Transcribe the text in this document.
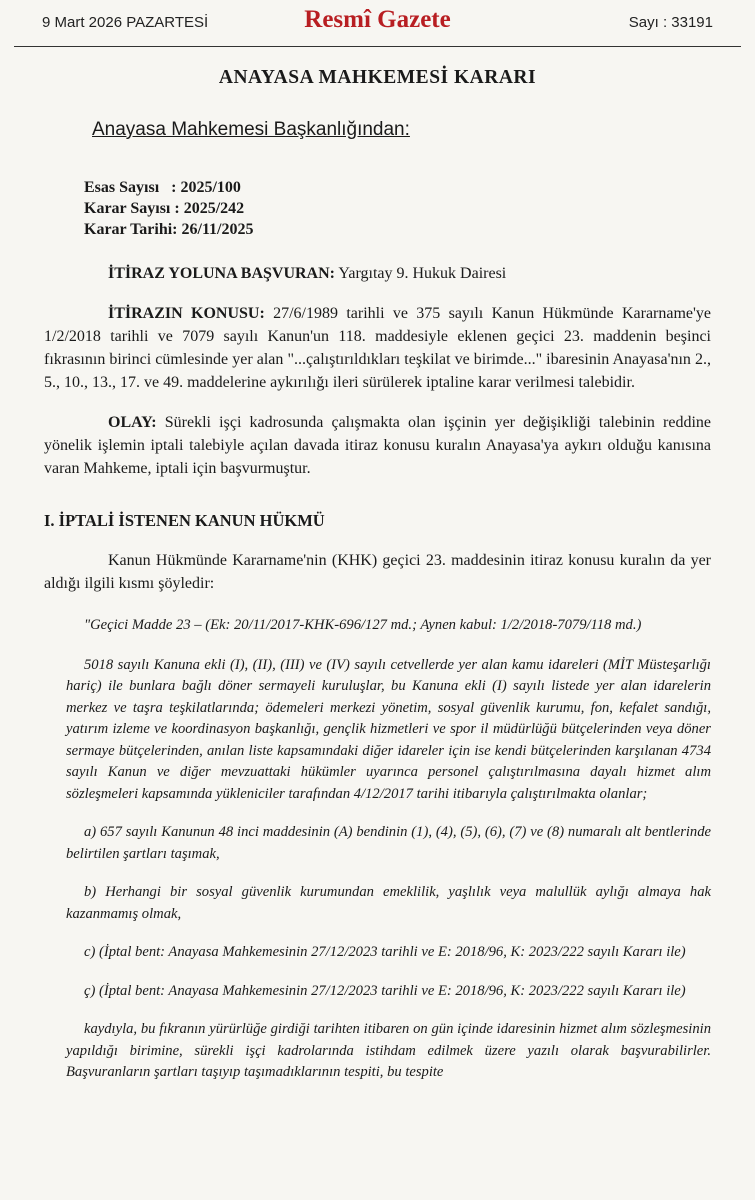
9 Mart 2026 PAZARTESİ	Resmî Gazete	Sayı : 33191
ANAYASA MAHKEMESİ KARARI
Anayasa Mahkemesi Başkanlığından:
Esas Sayısı   : 2025/100
Karar Sayısı : 2025/242
Karar Tarihi: 26/11/2025

İTİRAZ YOLUNA BAŞVURAN: Yargıtay 9. Hukuk Dairesi

İTİRAZIN KONUSU: 27/6/1989 tarihli ve 375 sayılı Kanun Hükmünde Kararname'ye 1/2/2018 tarihli ve 7079 sayılı Kanun'un 118. maddesiyle eklenen geçici 23. maddenin beşinci fıkrasının birinci cümlesinde yer alan "...çalıştırıldıkları teşkilat ve birimde..." ibaresinin Anayasa'nın 2., 5., 10., 13., 17. ve 49. maddelerine aykırılığı ileri sürülerek iptaline karar verilmesi talebidir.

OLAY: Sürekli işçi kadrosunda çalışmakta olan işçinin yer değişikliği talebinin reddine yönelik işlemin iptali talebiyle açılan davada itiraz konusu kuralın Anayasa'ya aykırı olduğu kanısına varan Mahkeme, iptali için başvurmuştur.

I. İPTALİ İSTENEN KANUN HÜKMÜ

Kanun Hükmünde Kararname'nin (KHK) geçici 23. maddesinin itiraz konusu kuralın da yer aldığı ilgili kısmı şöyledir:

"Geçici Madde 23 – (Ek: 20/11/2017-KHK-696/127 md.; Aynen kabul: 1/2/2018-7079/118 md.)

5018 sayılı Kanuna ekli (I), (II), (III) ve (IV) sayılı cetvellerde yer alan kamu idareleri (MİT Müsteşarlığı hariç) ile bunlara bağlı döner sermayeli kuruluşlar, bu Kanuna ekli (I) sayılı listede yer alan idarelerin merkez ve taşra teşkilatlarında; ödemeleri merkezi yönetim, sosyal güvenlik kurumu, fon, kefalet sandığı, yatırım izleme ve koordinasyon başkanlığı, gençlik hizmetleri ve spor il müdürlüğü bütçelerinden veya döner sermaye bütçelerinden, anılan liste kapsamındaki diğer idareler için ise kendi bütçelerinden karşılanan 4734 sayılı Kanun ve diğer mevzuattaki hükümler uyarınca personel çalıştırılmasına dayalı hizmet alım sözleşmeleri kapsamında yükleniciler tarafından 4/12/2017 tarihi itibarıyla çalıştırılmakta olanlar;

a) 657 sayılı Kanunun 48 inci maddesinin (A) bendinin (1), (4), (5), (6), (7) ve (8) numaralı alt bentlerinde belirtilen şartları taşımak,

b) Herhangi bir sosyal güvenlik kurumundan emeklilik, yaşlılık veya malullük aylığı almaya hak kazanmamış olmak,

c) (İptal bent: Anayasa Mahkemesinin 27/12/2023 tarihli ve E: 2018/96, K: 2023/222 sayılı Kararı ile)

ç) (İptal bent: Anayasa Mahkemesinin 27/12/2023 tarihli ve E: 2018/96, K: 2023/222 sayılı Kararı ile)

kaydıyla, bu fıkranın yürürlüğe girdiği tarihten itibaren on gün içinde idaresinin hizmet alım sözleşmesinin yapıldığı birimine, sürekli işçi kadrolarında istihdam edilmek üzere yazılı olarak başvurabilirler. Başvuranların şartları taşıyıp taşımadıklarının tespiti, bu tespite
